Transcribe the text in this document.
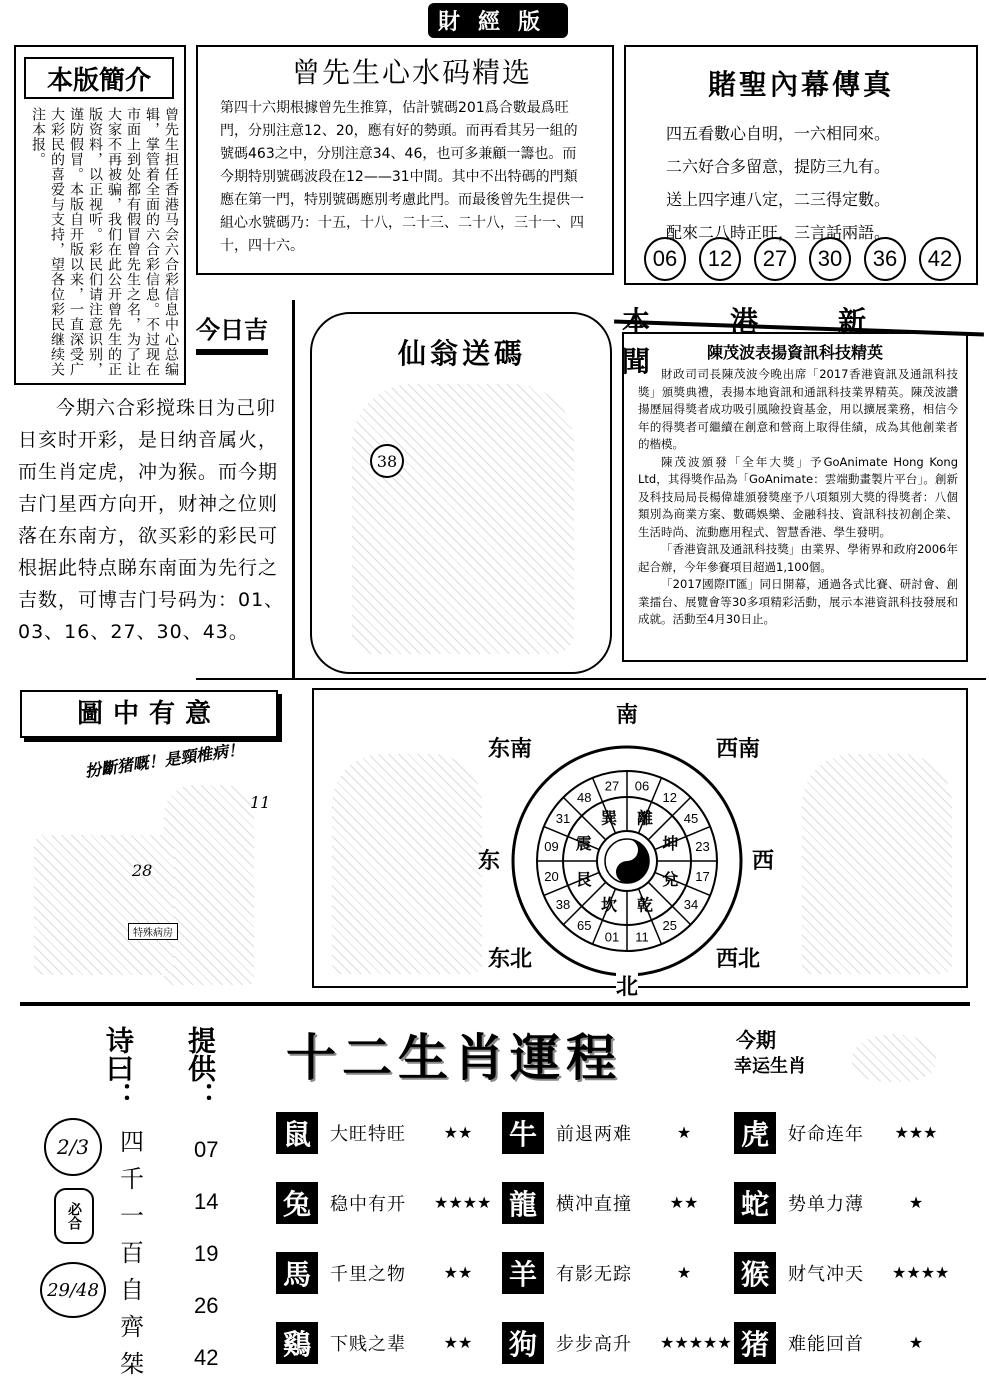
財經版
本版簡介
曾先生担任香港马会六合彩信息中心总编辑，掌管着全面的六合彩信息。不过现在市面上到处都有假冒曾先生之名，为了让大家不再被骗，我们在此公开曾先生的正版资料，以正视听。彩民们请注意识别，谨防假冒。本版自开版以来，一直深受广大彩民的喜爱与支持，望各位彩民继续关注本报。
曾先生心水码精选
第四十六期根據曾先生推算，估計號碼201爲合數最爲旺門，分別注意12、20，應有好的勢頭。而再看其另一組的號碼463之中，分別注意34、46，也可多兼顧一籌也。而今期特別號碼波段在12——31中間。其中不出特碼的門類應在第一門，特別號碼應別考慮此門。而最後曾先生提供一組心水號碼乃：十五，十八，二十三、二十八，三十一、四十，四十六。
賭聖內幕傳真
四五看數心自明，一六相同來。
二六好合多留意，提防三九有。
送上四字連八定，二三得定數。
配來二八時正旺，三言話兩語。
06	12	27	30	36	42
今日吉
今期六合彩搅珠日为己卯日亥时开彩，是日纳音属火，而生肖定虎，冲为猴。而今期吉门星西方向开，财神之位则落在东南方，欲买彩的彩民可根据此特点睇东南面为先行之吉数，可博吉门号码为：01、03、16、27、30、43。
仙翁送碼
38
本港新聞
陳茂波表揚資訊科技精英

財政司司長陳茂波今晚出席「2017香港資訊及通訊科技獎」頒獎典禮，表揚本地資訊和通訊科技業界精英。陳茂波讚揚歷屆得獎者成功吸引風險投資基金，用以擴展業務，相信今年的得獎者可繼續在創意和營商上取得佳績，成為其他創業者的楷模。

陳茂波頒發「全年大獎」予GoAnimate Hong Kong Ltd，其得獎作品為「GoAnimate：雲端動畫製片平台」。創新及科技局局長楊偉雄頒發獎座予八項類別大獎的得獎者：八個類別為商業方案、數碼娛樂、金融科技、資訊科技初創企業、生活時尚、流動應用程式、智慧香港、學生發明。

「香港資訊及通訊科技獎」由業界、學術界和政府2006年起合辦，今年參賽項目超過1,100個。

「2017國際IT匯」同日開幕，通過各式比賽、研討會、創業擂台、展覽會等30多項精彩活動，展示本港資訊科技發展和成就。活動至4月30日止。

圖中有意
扮斷猪嘅！是頸椎病！
11
28
特殊病房
27 06
12
45
23
17
34
25
11
01
65
38
20
09
31
48
離
坤
兌
乾
坎
艮
震
巽
南
东南	西南
东	西
东北	西北
北
诗曰：
四
千
一
百
自
齊
桀
2/3
必合
29/48
提供：
07
14
19
26
42
十二生肖運程	今期
幸运生肖
鼠	大旺特旺	★★	牛	前退两难	★	虎	好命连年	★★★
兔	稳中有开	★★★★ 龍	横冲直撞	★★	蛇	势单力薄	★
馬	千里之物	★★	羊	有影无踪	★	猴	财气冲天	★★★★
鷄	下贱之辈	★★	狗	步步高升	★★★★★ 猪	难能回首	★
